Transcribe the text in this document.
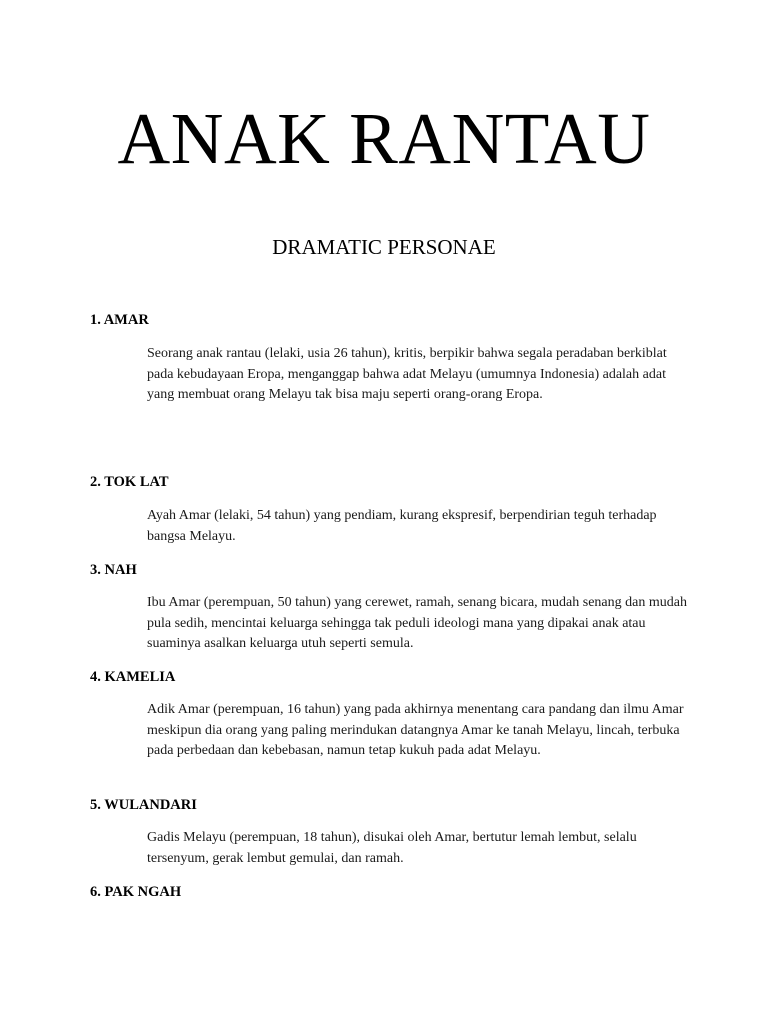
ANAK RANTAU
DRAMATIC PERSONAE

1. AMAR

Seorang anak rantau (lelaki, usia 26 tahun), kritis, berpikir bahwa segala peradaban berkiblat pada kebudayaan Eropa, menganggap bahwa adat Melayu (umumnya Indonesia) adalah adat yang membuat orang Melayu tak bisa maju seperti orang-orang Eropa.

2. TOK LAT

Ayah Amar (lelaki, 54 tahun) yang pendiam, kurang ekspresif, berpendirian teguh terhadap bangsa Melayu.

3. NAH

Ibu Amar (perempuan, 50 tahun) yang cerewet, ramah, senang bicara, mudah senang dan mudah pula sedih, mencintai keluarga sehingga tak peduli ideologi mana yang dipakai anak atau suaminya asalkan keluarga utuh seperti semula.

4. KAMELIA

Adik Amar (perempuan, 16 tahun) yang pada akhirnya menentang cara pandang dan ilmu Amar meskipun dia orang yang paling merindukan datangnya Amar ke tanah Melayu, lincah, terbuka pada perbedaan dan kebebasan, namun tetap kukuh pada adat Melayu.

5. WULANDARI

Gadis Melayu (perempuan, 18 tahun), disukai oleh Amar, bertutur lemah lembut, selalu tersenyum, gerak lembut gemulai, dan ramah.

6. PAK NGAH
